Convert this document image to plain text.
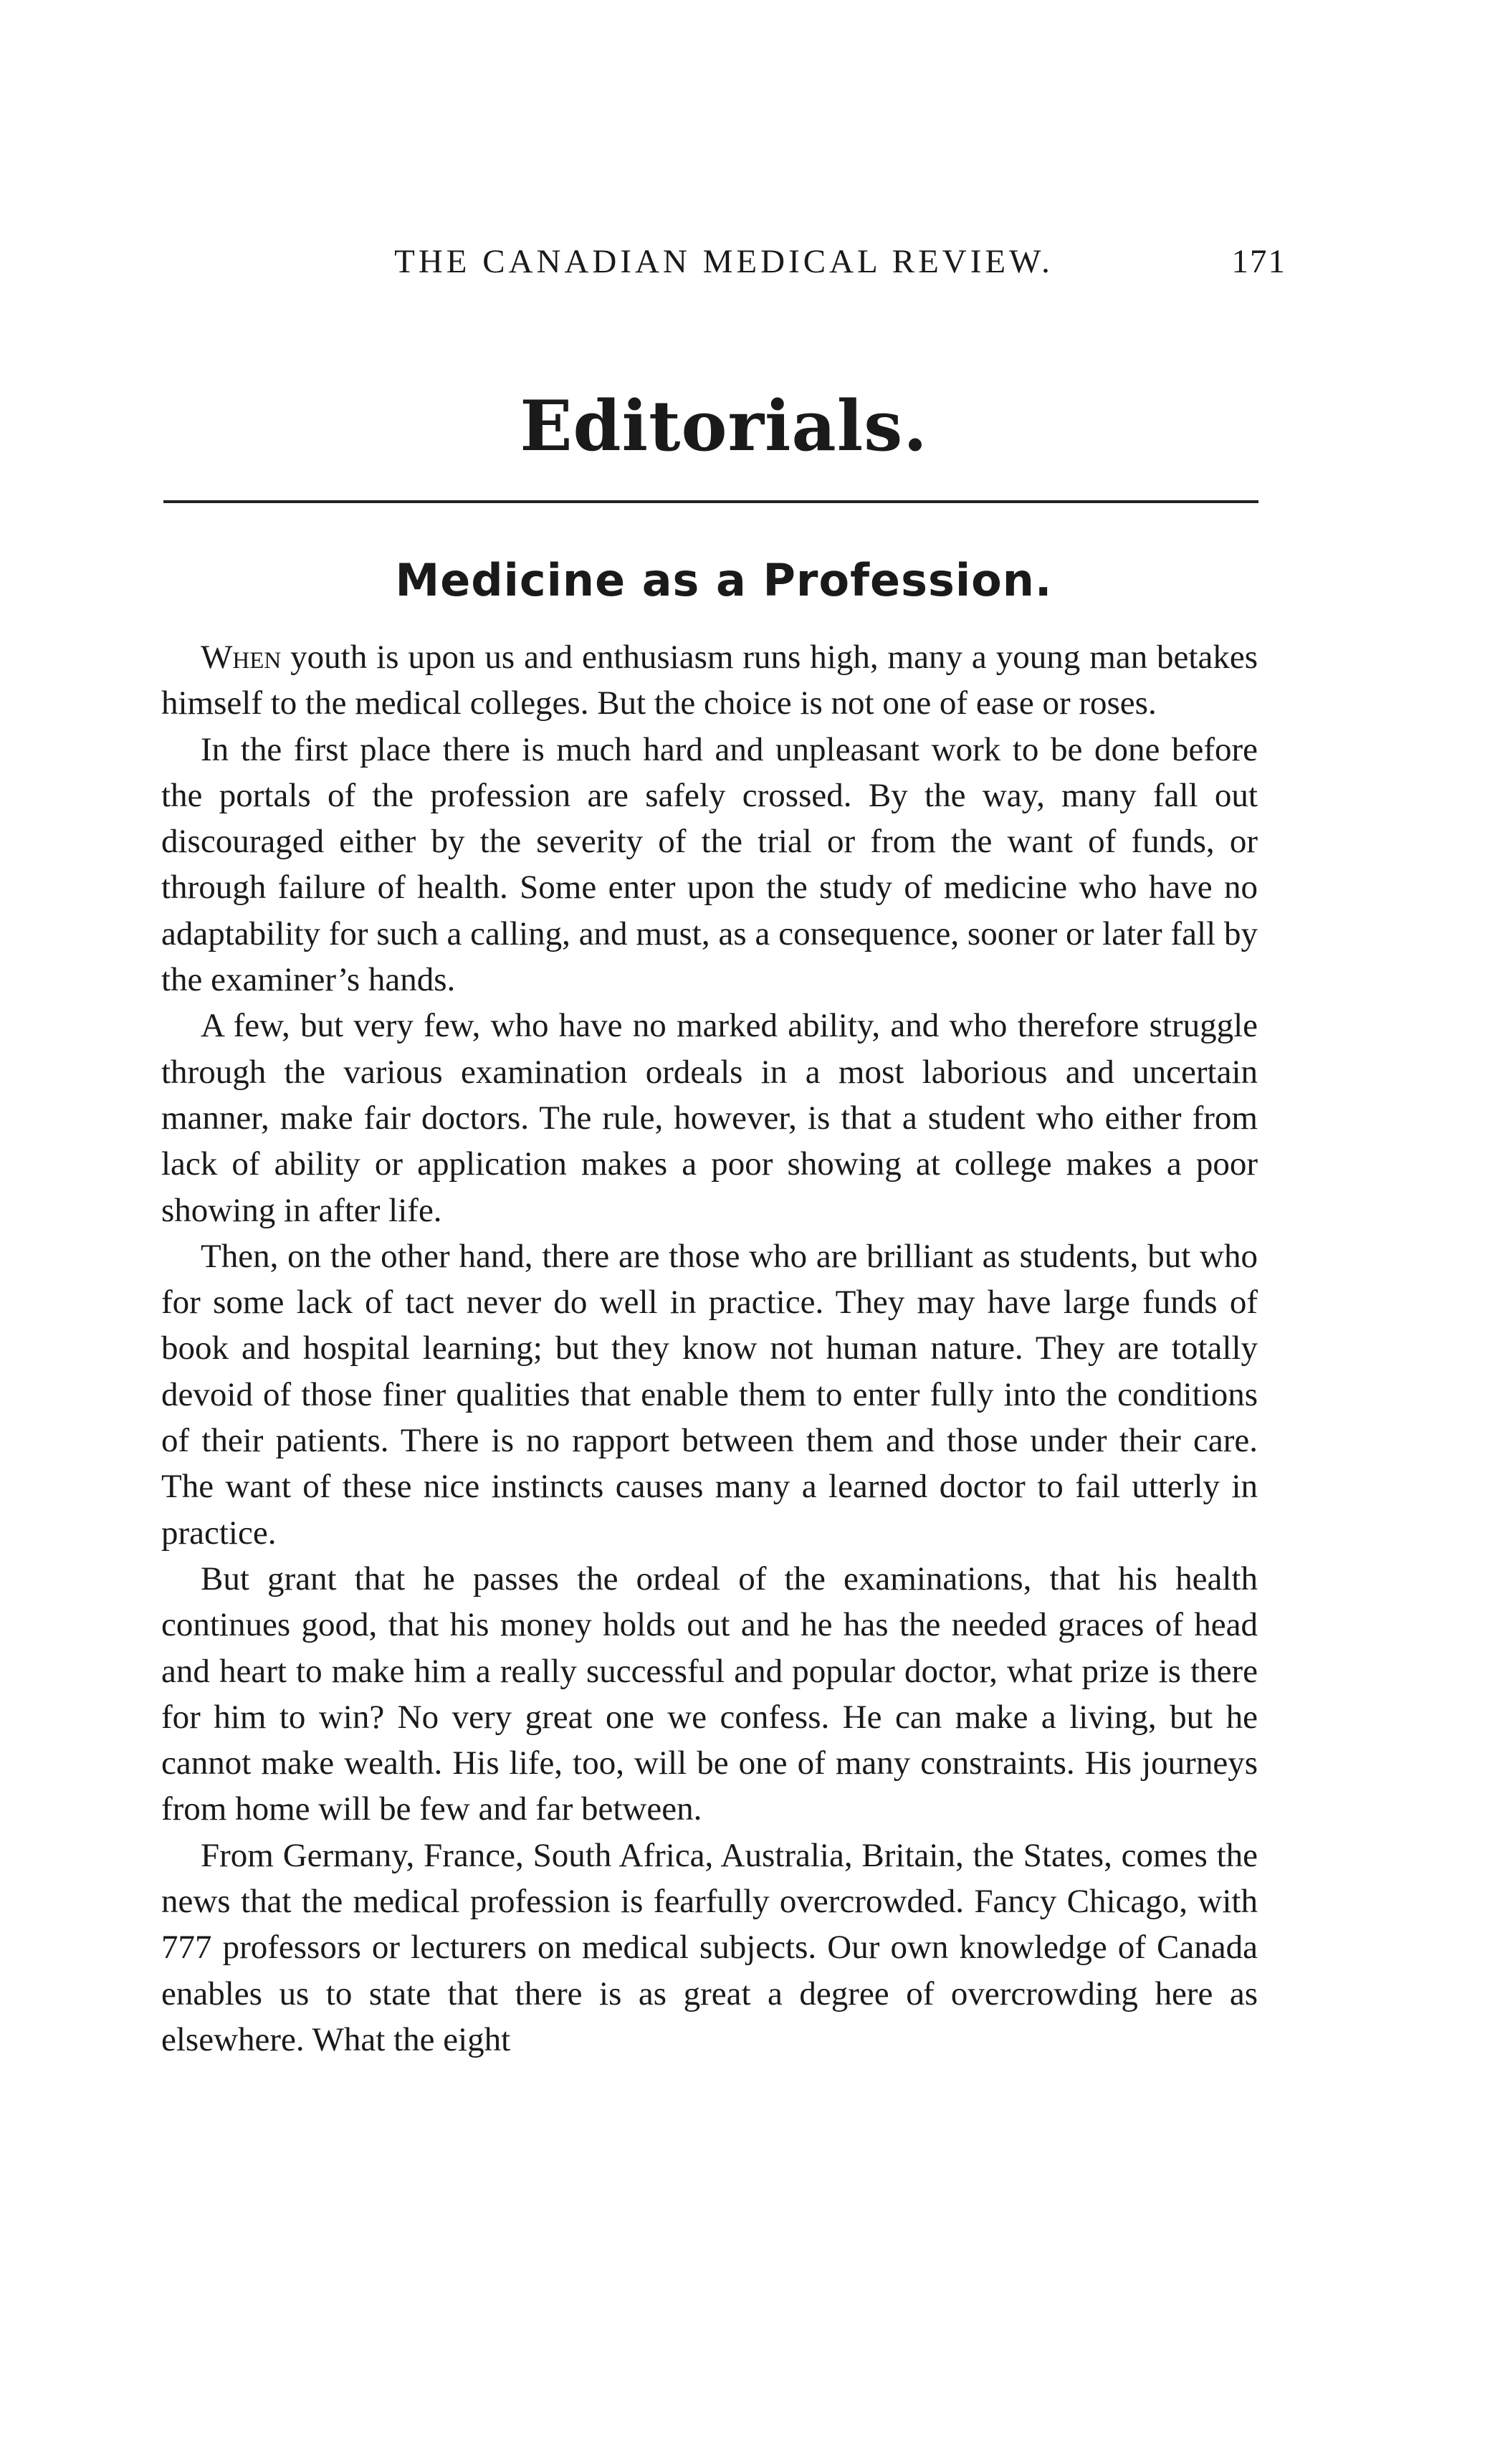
THE CANADIAN MEDICAL REVIEW.	171
Editorials.
Medicine as a Profession.

When youth is upon us and enthusiasm runs high, many a young man betakes himself to the medical colleges. But the choice is not one of ease or roses.

In the first place there is much hard and unpleasant work to be done before the portals of the profession are safely crossed. By the way, many fall out discouraged either by the severity of the trial or from the want of funds, or through failure of health. Some enter upon the study of medicine who have no adaptability for such a calling, and must, as a consequence, sooner or later fall by the examiner’s hands.

A few, but very few, who have no marked ability, and who therefore struggle through the various examination ordeals in a most laborious and uncertain manner, make fair doctors. The rule, however, is that a student who either from lack of ability or application makes a poor showing at college makes a poor showing in after life.

Then, on the other hand, there are those who are brilliant as students, but who for some lack of tact never do well in practice. They may have large funds of book and hospital learning; but they know not human nature. They are totally devoid of those finer qualities that enable them to enter fully into the conditions of their patients. There is no rapport between them and those under their care. The want of these nice instincts causes many a learned doctor to fail utterly in practice.

But grant that he passes the ordeal of the examinations, that his health continues good, that his money holds out and he has the needed graces of head and heart to make him a really successful and popular doctor, what prize is there for him to win? No very great one we confess. He can make a living, but he cannot make wealth. His life, too, will be one of many constraints. His journeys from home will be few and far between.

From Germany, France, South Africa, Australia, Britain, the States, comes the news that the medical profession is fearfully overcrowded. Fancy Chicago, with 777 professors or lecturers on medical subjects. Our own knowledge of Canada enables us to state that there is as great a degree of overcrowding here as elsewhere. What the eight
